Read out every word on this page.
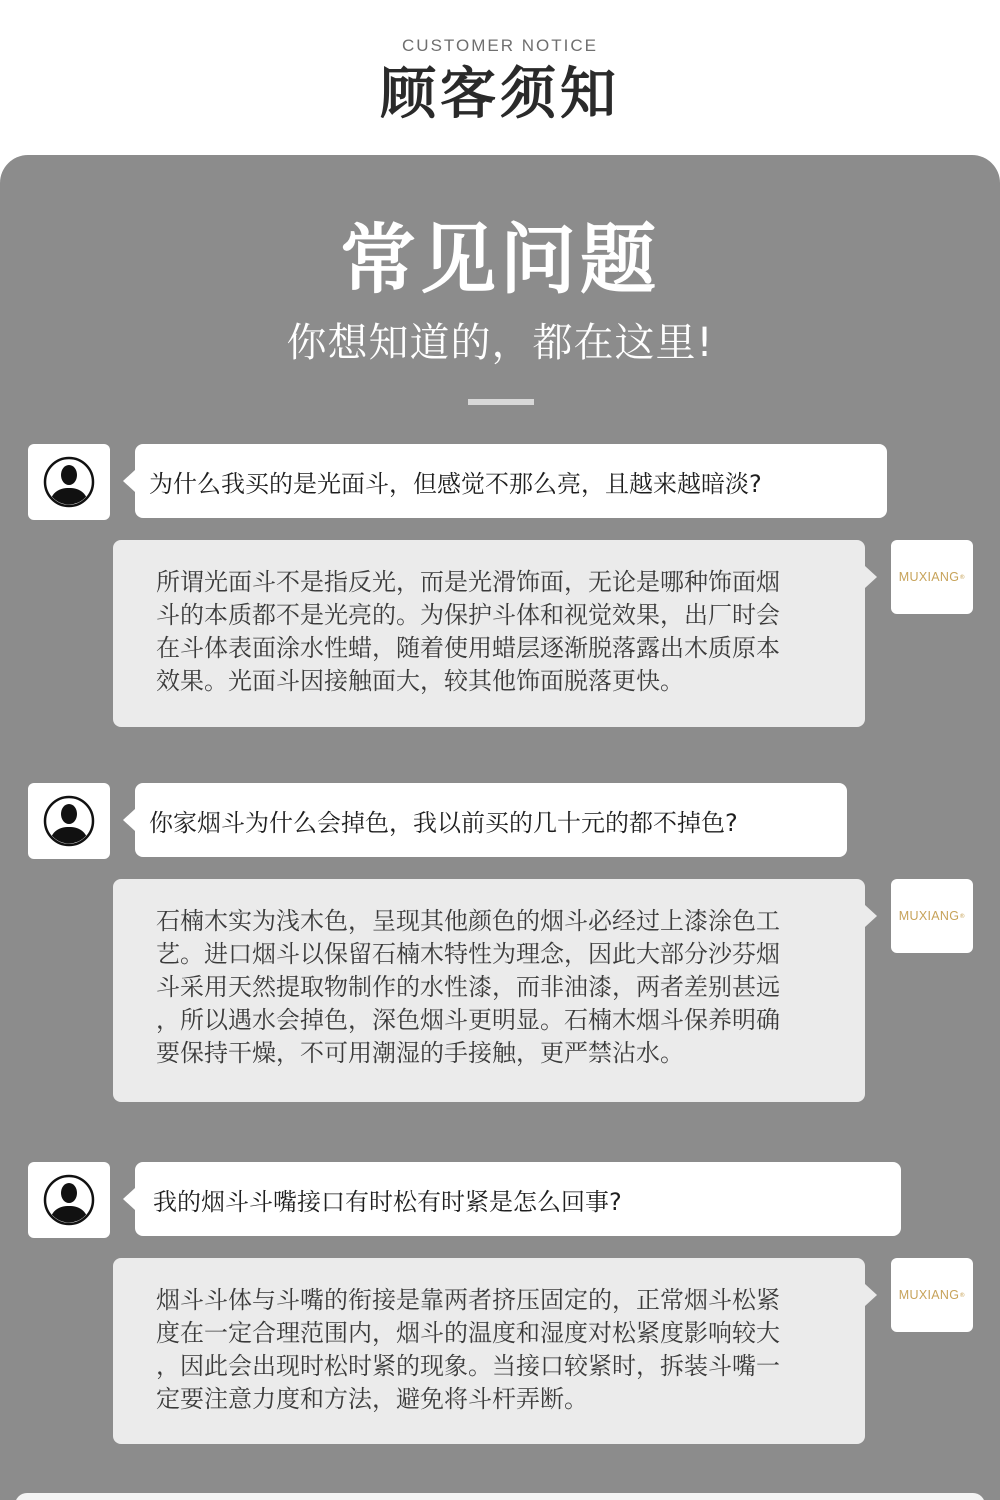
CUSTOMER NOTICE
顾客须知
常见问题
你想知道的，都在这里!
为什么我买的是光面斗，但感觉不那么亮，且越来越暗淡?
所谓光面斗不是指反光，而是光滑饰面，无论是哪种饰面烟
斗的本质都不是光亮的。为保护斗体和视觉效果，出厂时会
在斗体表面涂水性蜡，随着使用蜡层逐渐脱落露出木质原本
效果。光面斗因接触面大，较其他饰面脱落更快。
MUXIANG ®
你家烟斗为什么会掉色，我以前买的几十元的都不掉色?
石楠木实为浅木色，呈现其他颜色的烟斗必经过上漆涂色工
艺。进口烟斗以保留石楠木特性为理念，因此大部分沙芬烟
斗采用天然提取物制作的水性漆，而非油漆，两者差别甚远
，所以遇水会掉色，深色烟斗更明显。石楠木烟斗保养明确
要保持干燥，不可用潮湿的手接触，更严禁沾水。
MUXIANG ®
我的烟斗斗嘴接口有时松有时紧是怎么回事?
烟斗斗体与斗嘴的衔接是靠两者挤压固定的，正常烟斗松紧
度在一定合理范围内，烟斗的温度和湿度对松紧度影响较大
，因此会出现时松时紧的现象。当接口较紧时，拆装斗嘴一
定要注意力度和方法，避免将斗杆弄断。
MUXIANG ®
